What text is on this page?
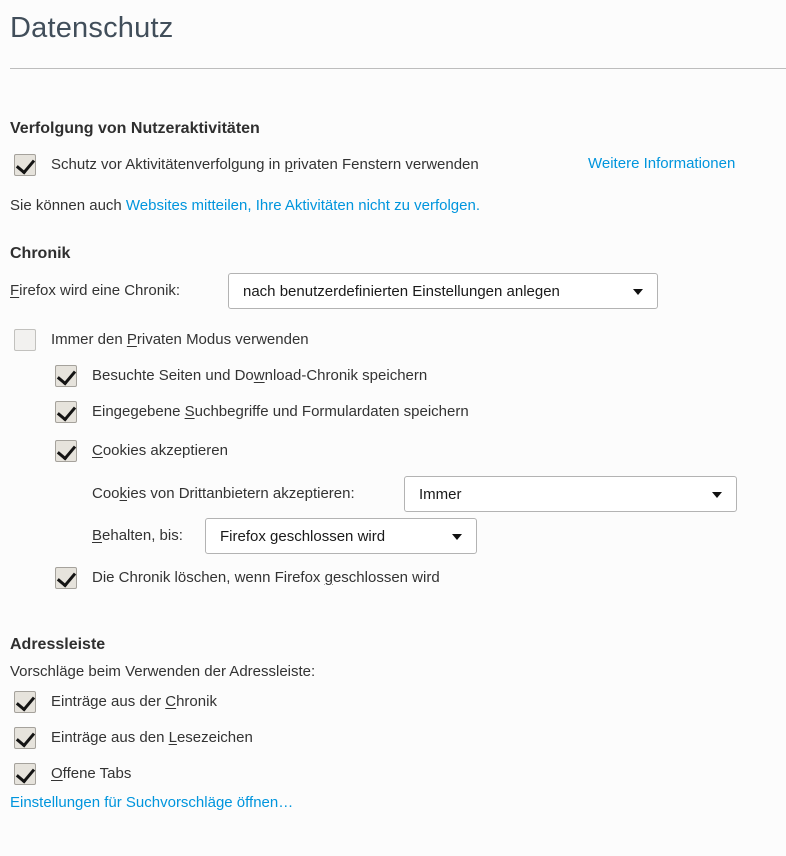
Datenschutz
Verfolgung von Nutzeraktivitäten
Schutz vor Aktivitätenverfolgung in privaten Fenstern verwenden	Weitere Informationen

Sie können auch Websites mitteilen, Ihre Aktivitäten nicht zu verfolgen.

Chronik
Firefox wird eine Chronik:	nach benutzerdefinierten Einstellungen anlegen
Immer den Privaten Modus verwenden
Besuchte Seiten und Download-Chronik speichern
Eingegebene Suchbegriffe und Formulardaten speichern
Cookies akzeptieren
Cookies von Drittanbietern akzeptieren:	Immer
Behalten, bis: Firefox geschlossen wird
Die Chronik löschen, wenn Firefox geschlossen wird
Adressleiste

Vorschläge beim Verwenden der Adressleiste:

Einträge aus der Chronik
Einträge aus den Lesezeichen
Offene Tabs
Einstellungen für Suchvorschläge öffnen…
